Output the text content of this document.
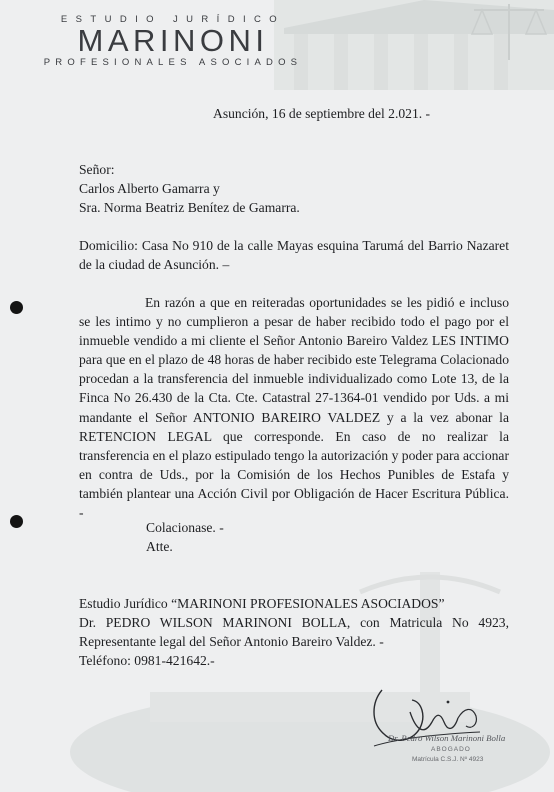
ESTUDIO JURÍDICO
MARINONI
PROFESIONALES ASOCIADOS
Asunción, 16 de septiembre del 2.021. -
Señor:
Carlos Alberto Gamarra y
Sra. Norma Beatriz Benítez de Gamarra.
Domicilio: Casa No 910 de la calle Mayas esquina Tarumá del Barrio Nazaret de la ciudad de Asunción. –
En razón a que en reiteradas oportunidades se les pidió e incluso se les intimo y no cumplieron a pesar de haber recibido todo el pago por el inmueble vendido a mi cliente el Señor Antonio Bareiro Valdez LES INTIMO para que en el plazo de 48 horas de haber recibido este Telegrama Colacionado procedan a la transferencia del inmueble individualizado como Lote 13, de la Finca No 26.430 de la Cta. Cte. Catastral 27-1364-01 vendido por Uds. a mi mandante el Señor ANTONIO BAREIRO VALDEZ y a la vez abonar la RETENCION LEGAL que corresponde. En caso de no realizar la transferencia en el plazo estipulado tengo la autorización y poder para accionar en contra de Uds., por la Comisión de los Hechos Punibles de Estafa y también plantear una Acción Civil por Obligación de Hacer Escritura Pública. -
Colacionase. -
Atte.
Estudio Jurídico “MARINONI PROFESIONALES ASOCIADOS”
Dr. PEDRO WILSON MARINONI BOLLA, con Matricula No 4923, Representante legal del Señor Antonio Bareiro Valdez. -
Teléfono: 0981-421642.-
Dr. Pedro Wilson Marinoni Bolla
ABOGADO
Matrícula C.S.J. Nº 4923
